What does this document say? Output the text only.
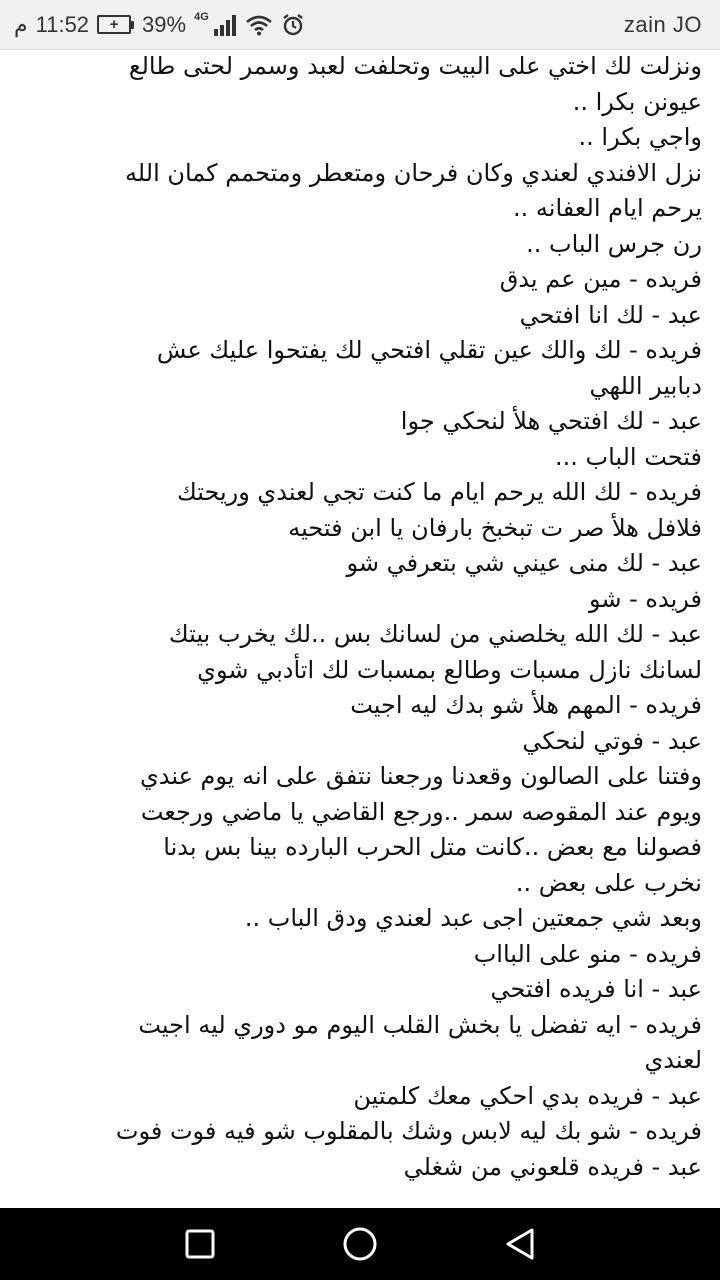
م 11:52	+	39% 4G	zain JO
ونزلت لك اختي على البيت وتحلفت لعبد وسمر لحتى طالع
عيونن بكرا ..
واجي بكرا ..
نزل الافندي لعندي وكان فرحان ومتعطر ومتحمم كمان الله
يرحم ايام العفانه ..
رن جرس الباب ..
فريده - مين عم يدق
عبد - لك انا افتحي
فريده - لك والك عين تقلي افتحي لك يفتحوا عليك عش
دبابير اللهي
عبد - لك افتحي هلأ لنحكي جوا
فتحت الباب ...
فريده - لك الله يرحم ايام ما كنت تجي لعندي وريحتك
فلافل هلأ صر ت تبخبخ بارفان يا ابن فتحيه
عبد - لك منى عيني شي بتعرفي شو
فريده - شو
عبد - لك الله يخلصني من لسانك بس ..لك يخرب بيتك
لسانك نازل مسبات وطالع بمسبات لك اتأدبي شوي
فريده - المهم هلأ شو بدك ليه اجيت
عبد - فوتي لنحكي
وفتنا على الصالون وقعدنا ورجعنا نتفق على انه يوم عندي
ويوم عند المقوصه سمر ..ورجع القاضي يا ماضي ورجعت
فصولنا مع بعض ..كانت متل الحرب البارده بينا بس بدنا
نخرب على بعض ..
وبعد شي جمعتين اجى عبد لعندي ودق الباب ..
فريده - منو على البااب
عبد - انا فريده افتحي
فريده - ايه تفضل يا بخش القلب اليوم مو دوري ليه اجيت
لعندي
عبد - فريده بدي احكي معك كلمتين
فريده - شو بك ليه لابس وشك بالمقلوب شو فيه فوت فوت
عبد - فريده قلعوني من شغلي
